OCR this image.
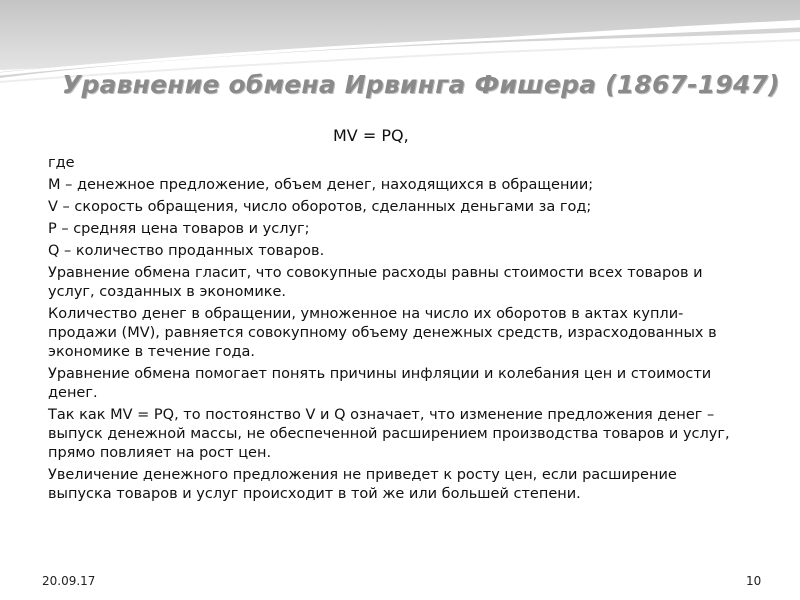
Уравнение обмена Ирвинга Фишера (1867-1947)
MV = PQ,
где
M – денежное предложение, объем денег, находящихся в обращении;
V – скорость обращения, число оборотов, сделанных деньгами за год;
P – средняя цена товаров и услуг;
Q – количество проданных товаров.
Уравнение обмена гласит, что совокупные расходы равны стоимости всех товаров и услуг, созданных в экономике.
Количество денег в обращении, умноженное на число их оборотов в актах купли-продажи (MV), равняется совокупному объему денежных средств, израсходованных в экономике в течение года.
Уравнение обмена помогает понять причины инфляции и колебания цен и стоимости денег.
Так как MV = PQ, то постоянство V и Q означает, что изменение предложения денег – выпуск денежной массы, не обеспеченной расширением производства товаров и услуг, прямо повлияет на рост цен.
Увеличение денежного предложения не приведет к росту цен, если расширение выпуска товаров и услуг происходит в той же или большей степени.
20.09.17	10
